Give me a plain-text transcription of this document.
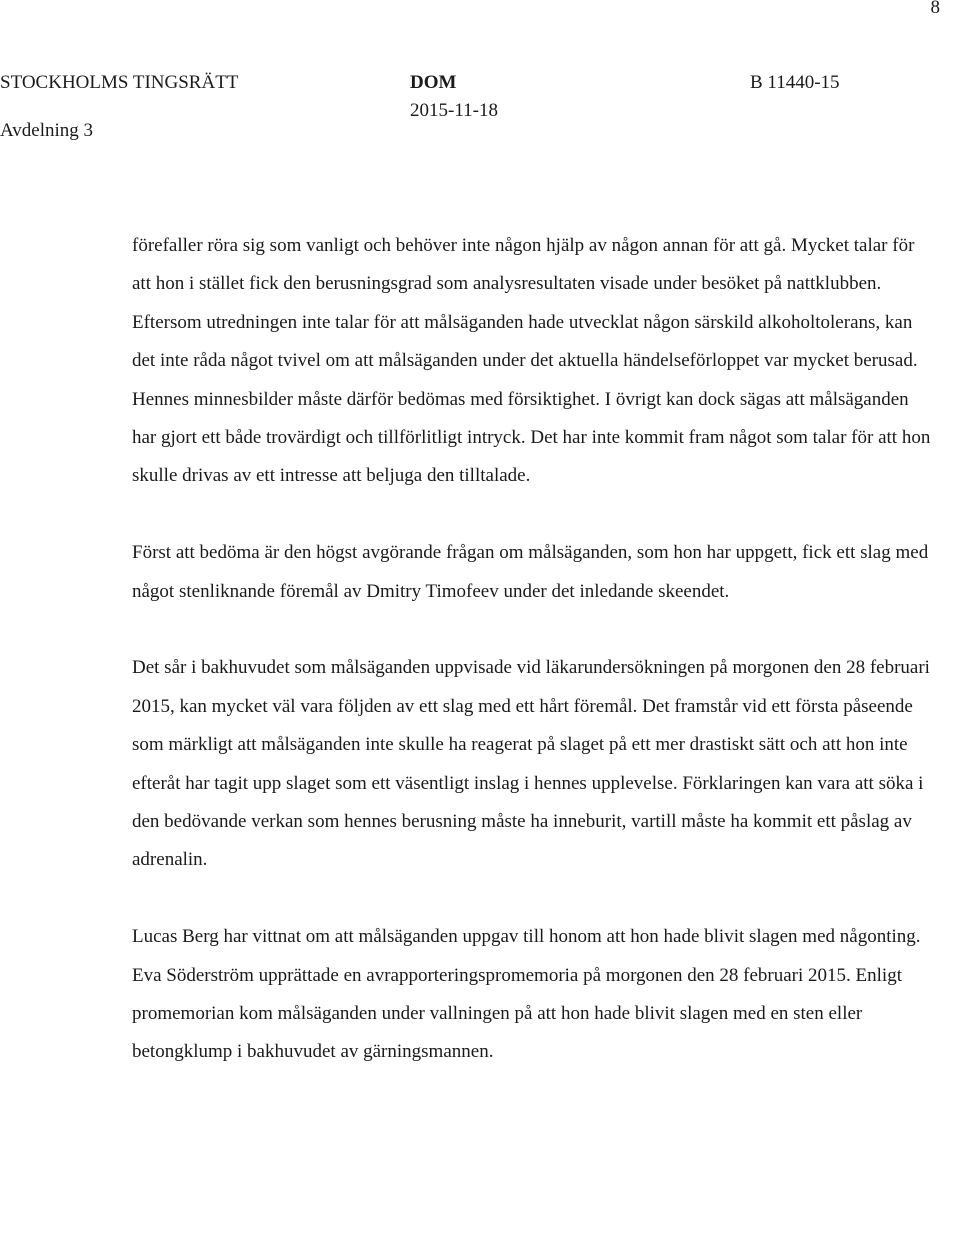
8
STOCKHOLMS TINGSRÄTT
Avdelning 3
DOM
2015-11-18
B 11440-15

förefaller röra sig som vanligt och behöver inte någon hjälp av någon annan för att gå. Mycket talar för att hon i stället fick den berusningsgrad som analysresultaten visade under besöket på nattklubben. Eftersom utredningen inte talar för att målsäganden hade utvecklat någon särskild alkoholtolerans, kan det inte råda något tvivel om att målsäganden under det aktuella händelseförloppet var mycket berusad. Hennes minnesbilder måste därför bedömas med försiktighet. I övrigt kan dock sägas att målsäganden har gjort ett både trovärdigt och tillförlitligt intryck. Det har inte kommit fram något som talar för att hon skulle drivas av ett intresse att beljuga den tilltalade.

Först att bedöma är den högst avgörande frågan om målsäganden, som hon har uppgett, fick ett slag med något stenliknande föremål av Dmitry Timofeev under det inledande skeendet.

Det sår i bakhuvudet som målsäganden uppvisade vid läkarundersökningen på morgonen den 28 februari 2015, kan mycket väl vara följden av ett slag med ett hårt föremål. Det framstår vid ett första påseende som märkligt att målsäganden inte skulle ha reagerat på slaget på ett mer drastiskt sätt och att hon inte efteråt har tagit upp slaget som ett väsentligt inslag i hennes upplevelse. Förklaringen kan vara att söka i den bedövande verkan som hennes berusning måste ha inneburit, vartill måste ha kommit ett påslag av adrenalin.

Lucas Berg har vittnat om att målsäganden uppgav till honom att hon hade blivit slagen med någonting. Eva Söderström upprättade en avrapporteringspromemoria på morgonen den 28 februari 2015. Enligt promemorian kom målsäganden under vallningen på att hon hade blivit slagen med en sten eller betongklump i bakhuvudet av gärningsmannen.
